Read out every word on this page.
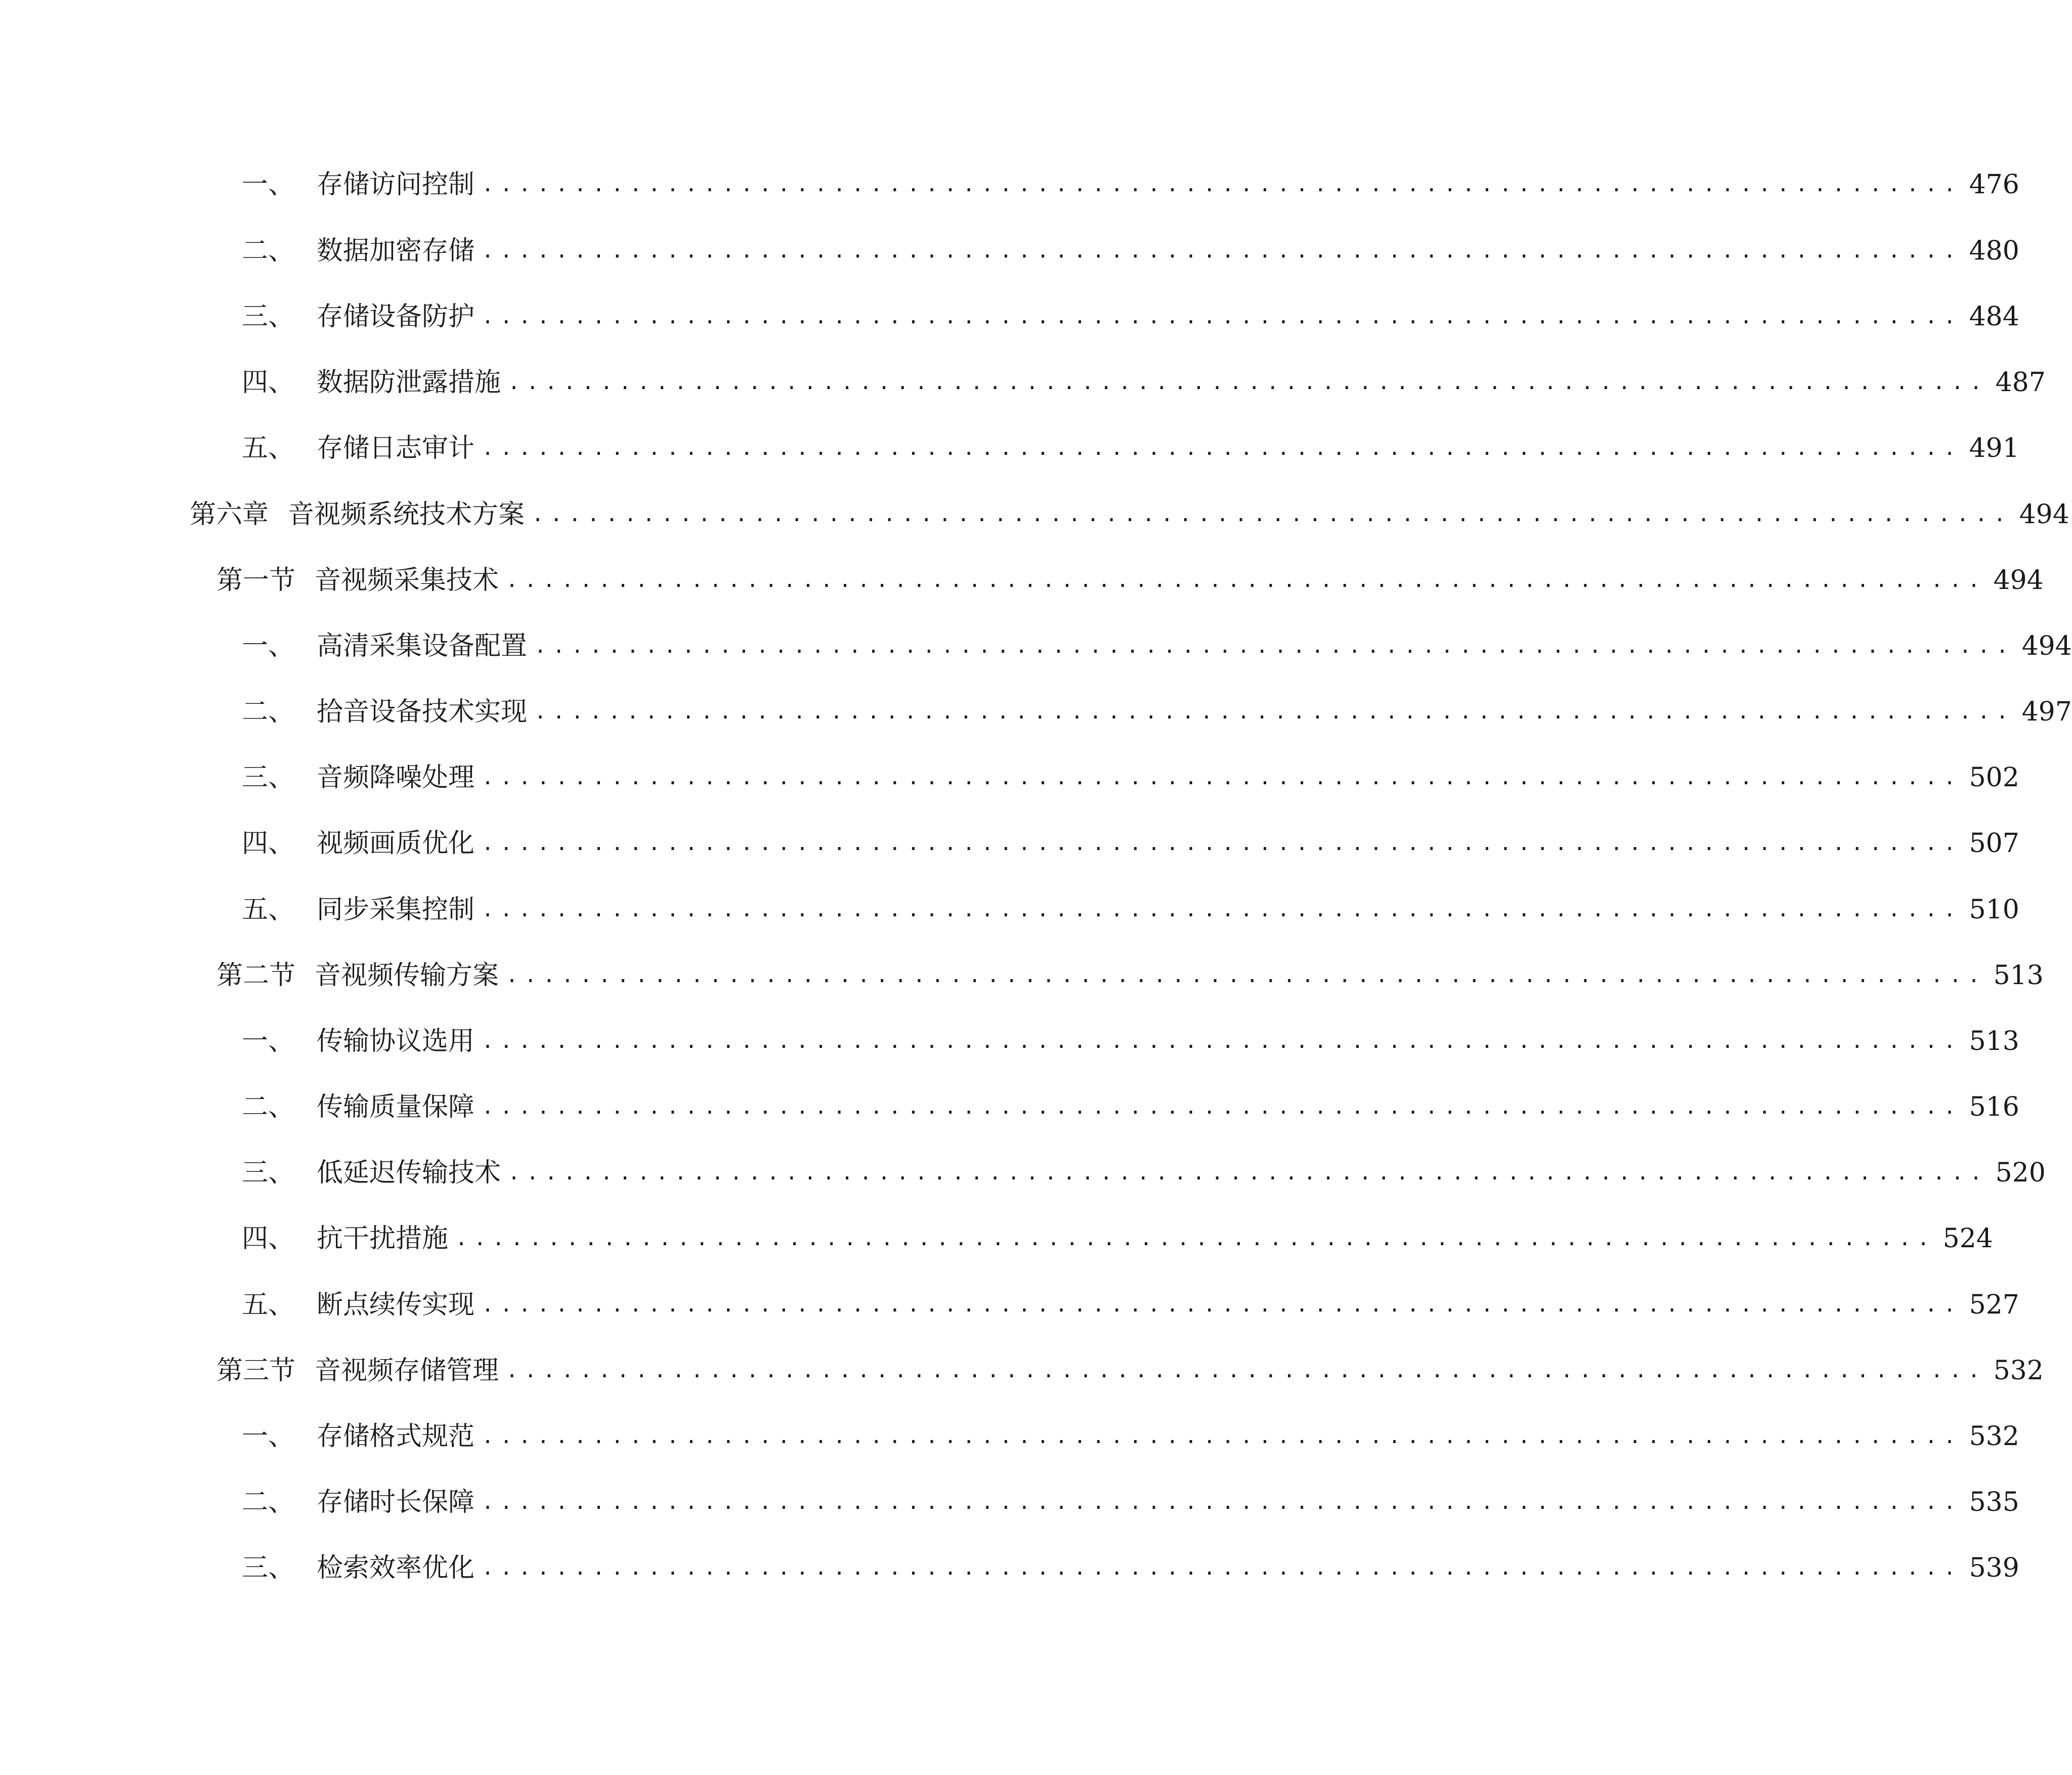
一、 存储访问控制 ................................................................................ 476
二、 数据加密存储 ................................................................................ 480
三、 存储设备防护 ................................................................................ 484
四、 数据防泄露措施 ................................................................................ 487
五、 存储日志审计 ................................................................................ 491
第六章 音视频系统技术方案 ................................................................................ 494
第一节 音视频采集技术 ................................................................................ 494
一、 高清采集设备配置 ................................................................................ 494
二、 拾音设备技术实现 ................................................................................ 497
三、 音频降噪处理 ................................................................................ 502
四、 视频画质优化 ................................................................................ 507
五、 同步采集控制 ................................................................................ 510
第二节 音视频传输方案 ................................................................................ 513
一、 传输协议选用 ................................................................................ 513
二、 传输质量保障 ................................................................................ 516
三、 低延迟传输技术 ................................................................................ 520
四、 抗干扰措施 ................................................................................ 524
五、 断点续传实现 ................................................................................ 527
第三节 音视频存储管理 ................................................................................ 532
一、 存储格式规范 ................................................................................ 532
二、 存储时长保障 ................................................................................ 535
三、 检索效率优化 ................................................................................ 539
